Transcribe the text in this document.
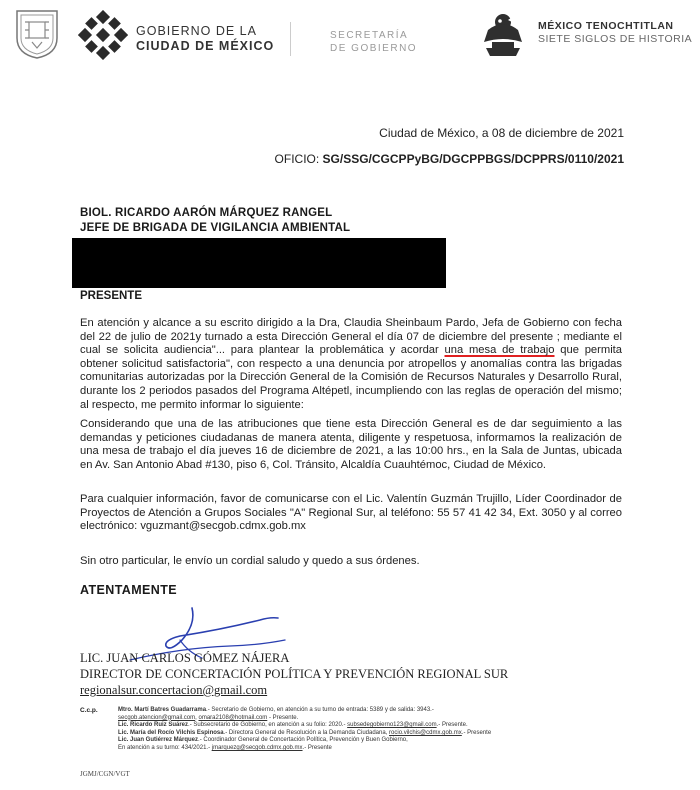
GOBIERNO DE LA
CIUDAD DE MÉXICO
SECRETARÍA
DE GOBIERNO
MÉXICO TENOCHTITLAN
SIETE SIGLOS DE HISTORIA
Ciudad de México, a 08 de diciembre de 2021
OFICIO: SG/SSG/CGCPPyBG/DGCPPBGS/DCPPRS/0110/2021
BIOL. RICARDO AARÓN MÁRQUEZ RANGEL
JEFE DE BRIGADA DE VIGILANCIA AMBIENTAL
PRESENTE
En atención y alcance a su escrito dirigido a la Dra, Claudia Sheinbaum Pardo, Jefa de Gobierno con fecha del 22 de julio de 2021y turnado a esta Dirección General el día 07 de diciembre del presente ; mediante el cual se solicita audiencia"... para plantear la problemática y acordar una mesa de trabajo que permita obtener solicitud satisfactoria", con respecto a una denuncia por atropellos y anomalías contra las brigadas comunitarias autorizadas por la Dirección General de la Comisión de Recursos Naturales y Desarrollo Rural, durante los 2 periodos pasados del Programa Altépetl, incumpliendo con las reglas de operación del mismo; al respecto, me permito informar lo siguiente:
Considerando que una de las atribuciones que tiene esta Dirección General es de dar seguimiento a las demandas y peticiones ciudadanas de manera atenta, diligente y respetuosa, informamos la realización de una mesa de trabajo el día jueves 16 de diciembre de 2021, a las 10:00 hrs., en la Sala de Juntas, ubicada en Av. San Antonio Abad #130, piso 6, Col. Tránsito, Alcaldía Cuauhtémoc, Ciudad de México.
Para cualquier información, favor de comunicarse con el Lic. Valentín Guzmán Trujillo, Líder Coordinador de Proyectos de Atención a Grupos Sociales "A" Regional Sur, al teléfono: 55 57 41 42 34, Ext. 3050 y al correo electrónico: vguzmant@secgob.cdmx.gob.mx
Sin otro particular, le envío un cordial saludo y quedo a sus órdenes.
ATENTAMENTE
LIC. JUAN CARLOS GÓMEZ NÁJERA
DIRECTOR DE CONCERTACIÓN POLÍTICA Y PREVENCIÓN REGIONAL SUR
regionalsur.concertacion@gmail.com
C.c.p.	Mtro. Martí Batres Guadarrama.- Secretario de Gobierno, en atención a su turno de entrada: 5389 y de salida: 3943.-
secgob.atencion@gmail.com, omara2108@hotmail.com - Presente.
Lic. Ricardo Ruiz Suárez.- Subsecretario de Gobierno, en atención a su folio: 2020.- subsedegobierno123@gmail.com.- Presente.
Lic. María del Rocío Vilchis Espinosa.- Directora General de Resolución a la Demanda Ciudadana, rocio.vilchis@cdmx.gob.mx.- Presente
Lic. Juan Gutiérrez Márquez.- Coordinador General de Concertación Política, Prevención y Buen Gobierno,
En atención a su turno: 434/2021.- jmarquezg@secgob.cdmx.gob.mx.- Presente
JGMJ/CGN/VGT
